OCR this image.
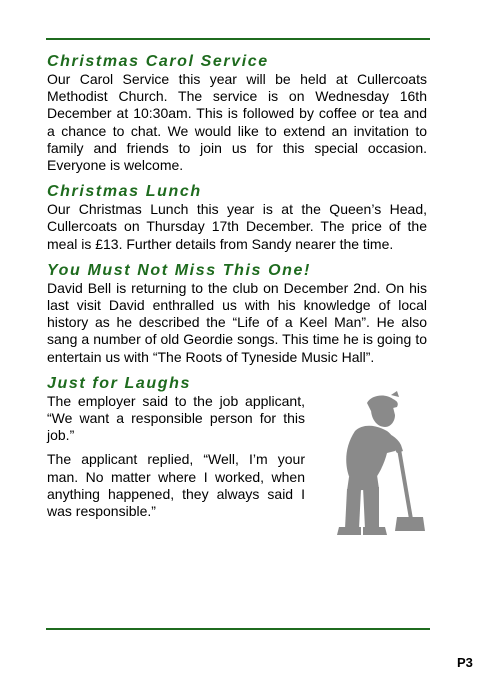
Christmas Carol Service

Our Carol Service this year will be held at Cullercoats Methodist Church. The service is on Wednesday 16th December at 10:30am. This is followed by coffee or tea and a chance to chat. We would like to extend an invitation to family and friends to join us for this special occasion. Everyone is welcome.

Christmas Lunch

Our Christmas Lunch this year is at the Queen’s Head, Cullercoats on Thursday 17th December. The price of the meal is £13. Further details from Sandy nearer the time.

You Must Not Miss This One!

David Bell is returning to the club on December 2nd. On his last visit David enthralled us with his knowledge of local history as he described the “Life of a Keel Man”. He also sang a number of old Geordie songs. This time he is going to entertain us with “The Roots of Tyneside Music Hall”.

Just for Laughs

The employer said to the job applicant, “We want a responsible person for this job.”

The applicant replied, “Well, I’m your man. No matter where I worked, when anything happened, they always said I was responsible.”

P3
